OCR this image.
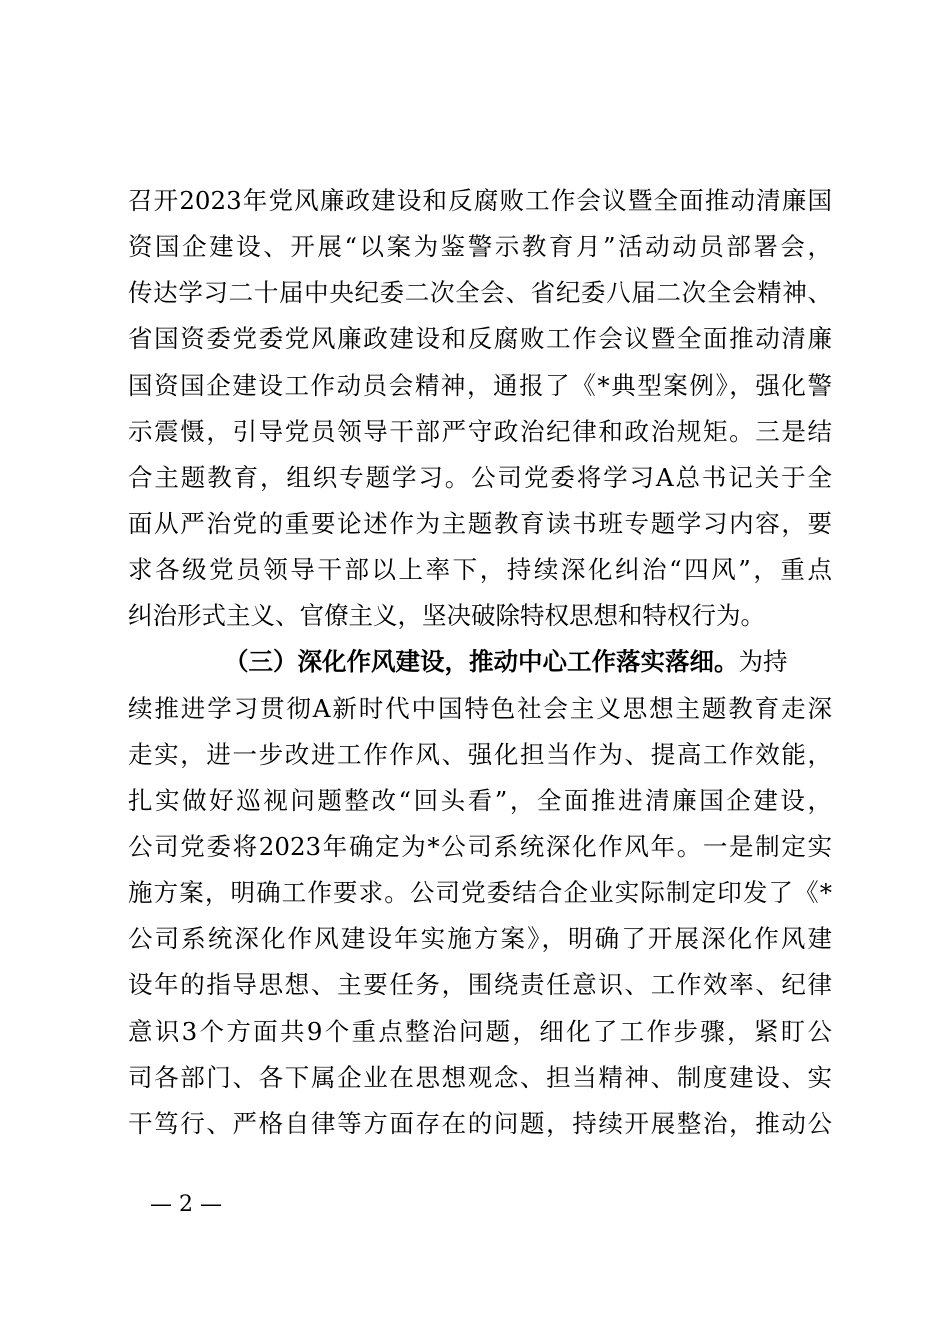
召开2023年党风廉政建设和反腐败工作会议暨全面推动清廉国
资国企建设、开展“以案为鉴警示教育月”活动动员部署会，
传达学习二十届中央纪委二次全会、省纪委八届二次全会精神、
省国资委党委党风廉政建设和反腐败工作会议暨全面推动清廉
国资国企建设工作动员会精神，通报了《*典型案例》，强化警
示震慑，引导党员领导干部严守政治纪律和政治规矩。三是结
合主题教育，组织专题学习。公司党委将学习A总书记关于全
面从严治党的重要论述作为主题教育读书班专题学习内容，要
求各级党员领导干部以上率下，持续深化纠治“四风”，重点
纠治形式主义、官僚主义，坚决破除特权思想和特权行为。
（三）深化作风建设，推动中心工作落实落细。为持
续推进学习贯彻A新时代中国特色社会主义思想主题教育走深
走实，进一步改进工作作风、强化担当作为、提高工作效能，
扎实做好巡视问题整改“回头看”，全面推进清廉国企建设，
公司党委将2023年确定为*公司系统深化作风年。一是制定实
施方案，明确工作要求。公司党委结合企业实际制定印发了《*
公司系统深化作风建设年实施方案》，明确了开展深化作风建
设年的指导思想、主要任务，围绕责任意识、工作效率、纪律
意识3个方面共9个重点整治问题，细化了工作步骤，紧盯公
司各部门、各下属企业在思想观念、担当精神、制度建设、实
干笃行、严格自律等方面存在的问题，持续开展整治，推动公
— 2 —
